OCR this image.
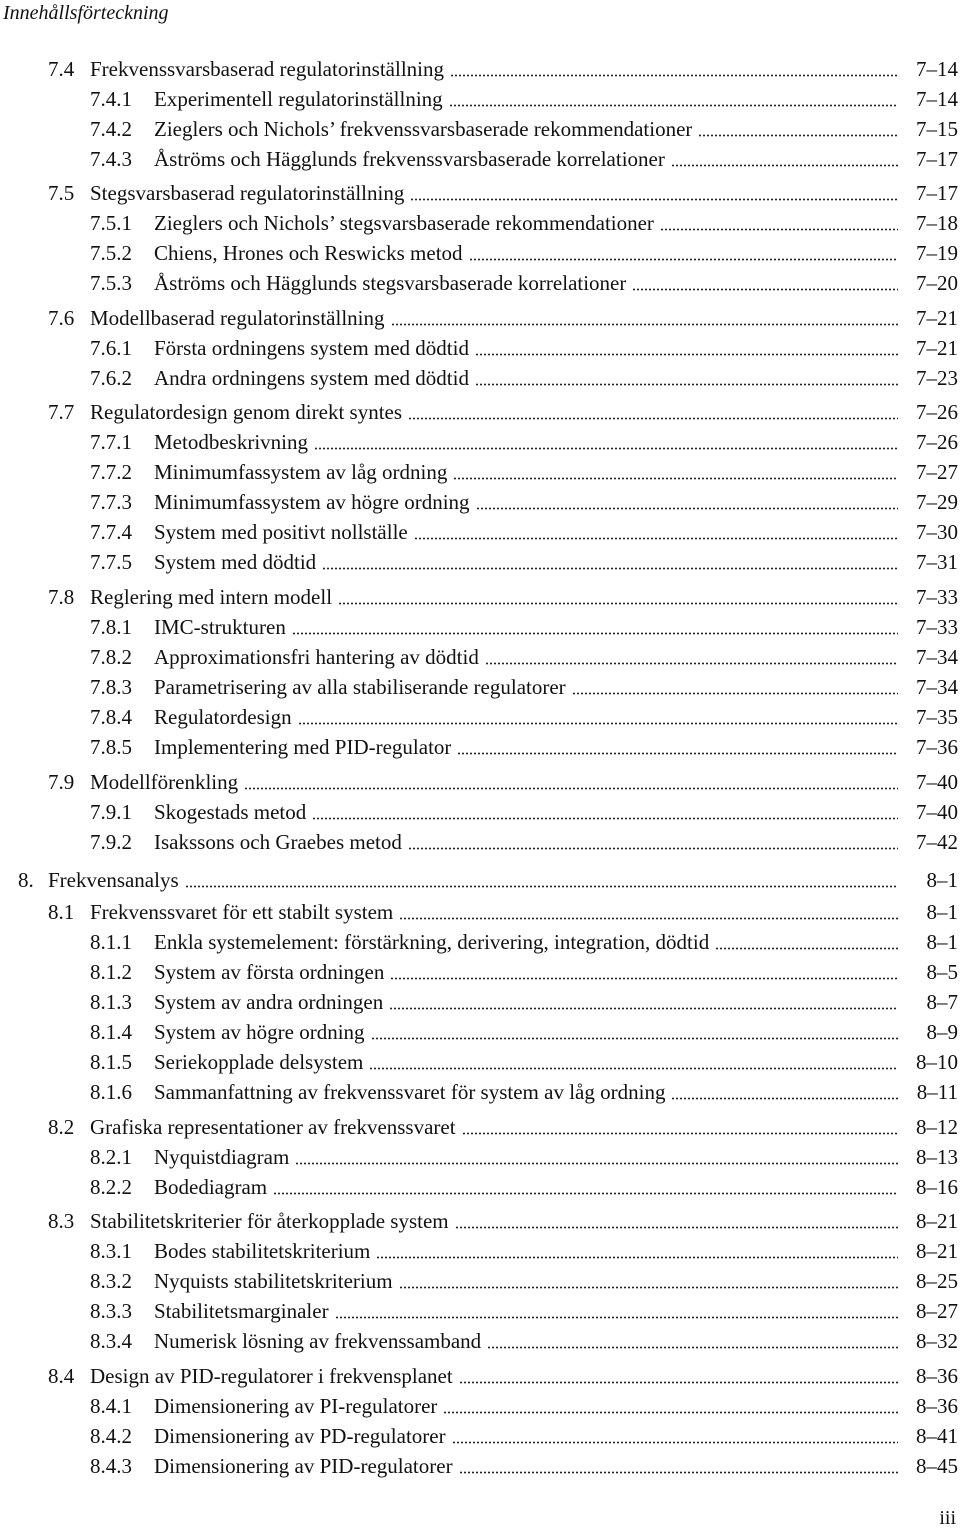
Innehållsförteckning
7.4 Frekvenssvarsbaserad regulatorinställning	7–14
7.4.1	Experimentell regulatorinställning	7–14
7.4.2	Zieglers och Nichols’ frekvenssvarsbaserade rekommendationer	7–15
7.4.3	Åströms och Hägglunds frekvenssvarsbaserade korrelationer	7–17
7.5 Stegsvarsbaserad regulatorinställning	7–17
7.5.1	Zieglers och Nichols’ stegsvarsbaserade rekommendationer	7–18
7.5.2	Chiens, Hrones och Reswicks metod	7–19
7.5.3	Åströms och Hägglunds stegsvarsbaserade korrelationer	7–20
7.6 Modellbaserad regulatorinställning	7–21
7.6.1	Första ordningens system med dödtid	7–21
7.6.2	Andra ordningens system med dödtid	7–23
7.7 Regulatordesign genom direkt syntes	7–26
7.7.1	Metodbeskrivning	7–26
7.7.2	Minimumfassystem av låg ordning	7–27
7.7.3	Minimumfassystem av högre ordning	7–29
7.7.4	System med positivt nollställe	7–30
7.7.5	System med dödtid	7–31
7.8 Reglering med intern modell	7–33
7.8.1	IMC-strukturen	7–33
7.8.2	Approximationsfri hantering av dödtid	7–34
7.8.3	Parametrisering av alla stabiliserande regulatorer	7–34
7.8.4	Regulatordesign	7–35
7.8.5	Implementering med PID-regulator	7–36
7.9 Modellförenkling	7–40
7.9.1	Skogestads metod	7–40
7.9.2	Isakssons och Graebes metod	7–42
8. Frekvensanalys	8–1
8.1 Frekvenssvaret för ett stabilt system	8–1
8.1.1	Enkla systemelement: förstärkning, derivering, integration, dödtid	8–1
8.1.2	System av första ordningen	8–5
8.1.3	System av andra ordningen	8–7
8.1.4	System av högre ordning	8–9
8.1.5	Seriekopplade delsystem	8–10
8.1.6	Sammanfattning av frekvenssvaret för system av låg ordning	8–11
8.2 Grafiska representationer av frekvenssvaret	8–12
8.2.1	Nyquistdiagram	8–13
8.2.2	Bodediagram	8–16
8.3 Stabilitetskriterier för återkopplade system	8–21
8.3.1	Bodes stabilitetskriterium	8–21
8.3.2	Nyquists stabilitetskriterium	8–25
8.3.3	Stabilitetsmarginaler	8–27
8.3.4	Numerisk lösning av frekvenssamband	8–32
8.4 Design av PID-regulatorer i frekvensplanet	8–36
8.4.1	Dimensionering av PI-regulatorer	8–36
8.4.2	Dimensionering av PD-regulatorer	8–41
8.4.3	Dimensionering av PID-regulatorer	8–45
iii
